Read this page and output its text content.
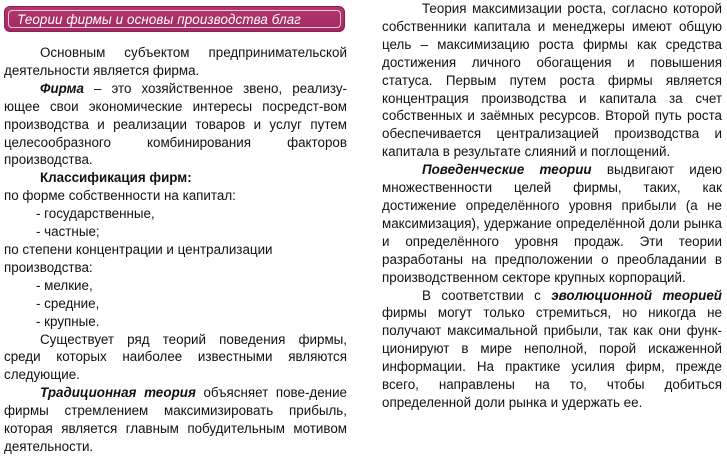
Теории фирмы и основы производства благ

Основным субъектом предпринимательской деятельности является фирма.

Фирма – это хозяйственное звено, реализу-ющее свои экономические интересы посредст-вом производства и реализации товаров и услуг путем целесообразного комбинирования факторов производства.

Классификация фирм:

по форме собственности на капитал:

- государственные,

- частные;

по степени концентрации и централизации производства:

- мелкие,

- средние,

- крупные.

Существует ряд теорий поведения фирмы, среди которых наиболее известными являются следующие.

Традиционная теория объясняет пове-дение фирмы стремлением максимизировать прибыль, которая является главным побудительным мотивом деятельности.

Теория максимизации роста, согласно которой собственники капитала и менеджеры имеют общую цель – максимизацию роста фирмы как средства достижения личного обогащения и повышения статуса. Первым путем роста фирмы является концентрация производства и капитала за счет собственных и заёмных ресурсов. Второй путь роста обеспечивается централизацией производства и капитала в результате слияний и поглощений.

Поведенческие теории выдвигают идею множественности целей фирмы, таких, как достижение определённого уровня прибыли (а не максимизация), удержание определённой доли рынка и определённого уровня продаж. Эти теории разработаны на предположении о преобладании в производственном секторе крупных корпораций.

В соответствии с эволюционной теорией фирмы могут только стремиться, но никогда не получают максимальной прибыли, так как они функ-ционируют в мире неполной, порой искаженной информации. На практике усилия фирм, прежде всего, направлены на то, чтобы добиться определенной доли рынка и удержать ее.
